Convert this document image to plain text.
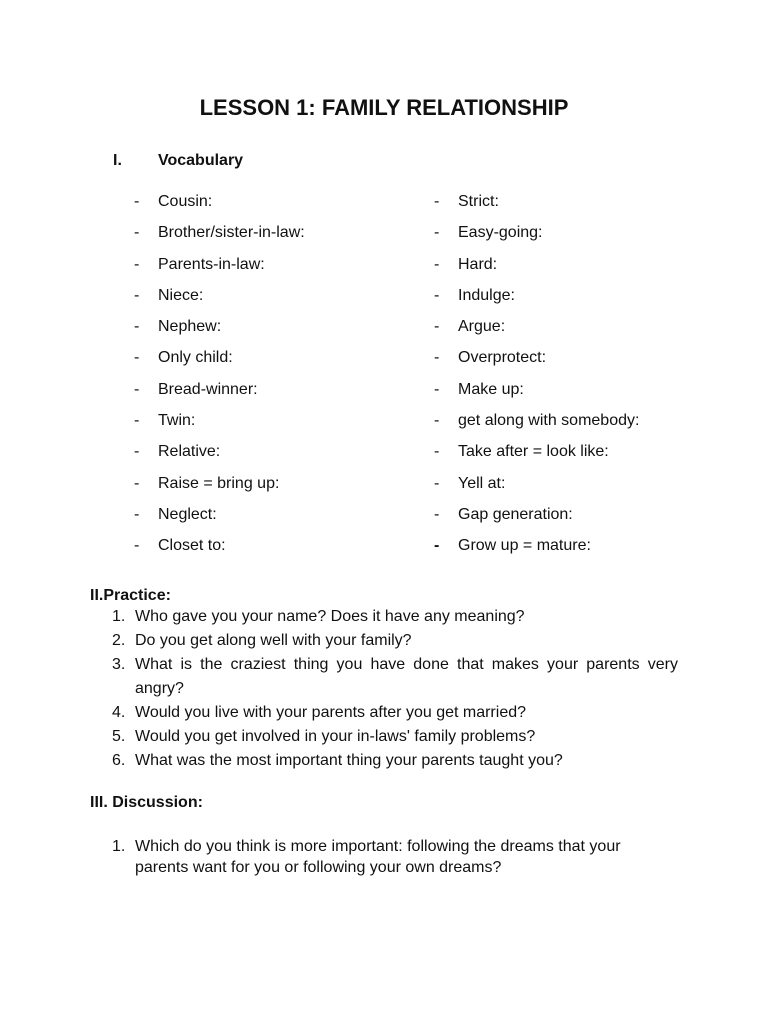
LESSON 1: FAMILY RELATIONSHIP
I. Vocabulary
-	Cousin:
-	Brother/sister-in-law:
-	Parents-in-law:
-	Niece:
-	Nephew:
-	Only child:
-	Bread-winner:
-	Twin:
-	Relative:
-	Raise = bring up:
-	Neglect:
-	Closet to:
-	Strict:
-	Easy-going:
-	Hard:
-	Indulge:
-	Argue:
-	Overprotect:
-	Make up:
-	get along with somebody:
-	Take after = look like:
-	Yell at:
-	Gap generation:
-	Grow up = mature:
II.Practice:
1. Who gave you your name? Does it have any meaning?
2. Do you get along well with your family?
3. What is the craziest thing you have done that makes your parents very angry?
4. Would you live with your parents after you get married?
5. Would you get involved in your in-laws' family problems?
6. What was the most important thing your parents taught you?
III. Discussion:
1. Which do you think is more important: following the dreams that your parents want for you or following your own dreams?
